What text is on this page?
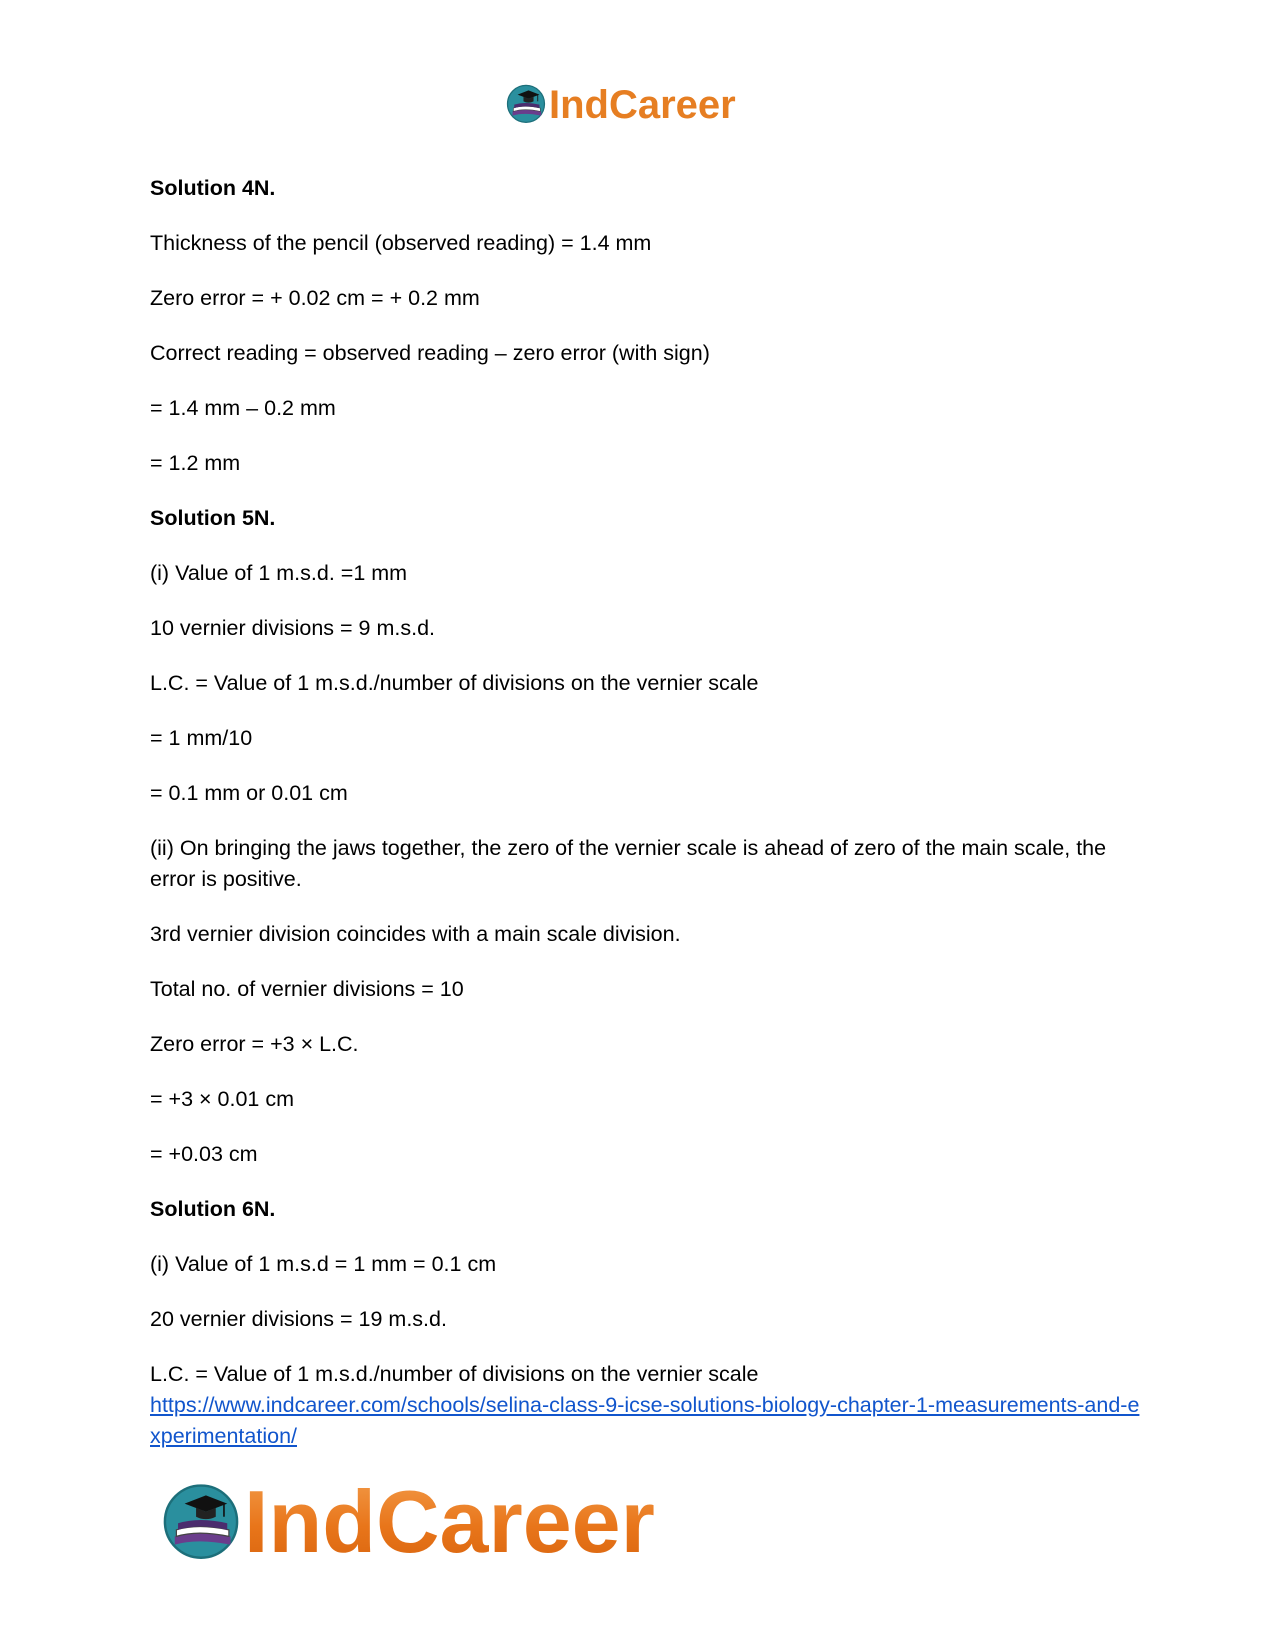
IndCareer

Solution 4N.

Thickness of the pencil (observed reading) = 1.4 mm

Zero error = + 0.02 cm = + 0.2 mm

Correct reading = observed reading – zero error (with sign)

= 1.4 mm – 0.2 mm

= 1.2 mm

Solution 5N.

(i) Value of 1 m.s.d. =1 mm

10 vernier divisions = 9 m.s.d.

L.C. = Value of 1 m.s.d./number of divisions on the vernier scale

= 1 mm/10

= 0.1 mm or 0.01 cm

(ii) On bringing the jaws together, the zero of the vernier scale is ahead of zero of the main scale, the error is positive.

3rd vernier division coincides with a main scale division.

Total no. of vernier divisions = 10

Zero error = +3 × L.C.

= +3 × 0.01 cm

= +0.03 cm

Solution 6N.

(i) Value of 1 m.s.d = 1 mm = 0.1 cm

20 vernier divisions = 19 m.s.d.

L.C. = Value of 1 m.s.d./number of divisions on the vernier scale

https://www.indcareer.com/schools/selina-class-9-icse-solutions-biology-chapter-1-measurements-and-experimentation/
IndCareer
